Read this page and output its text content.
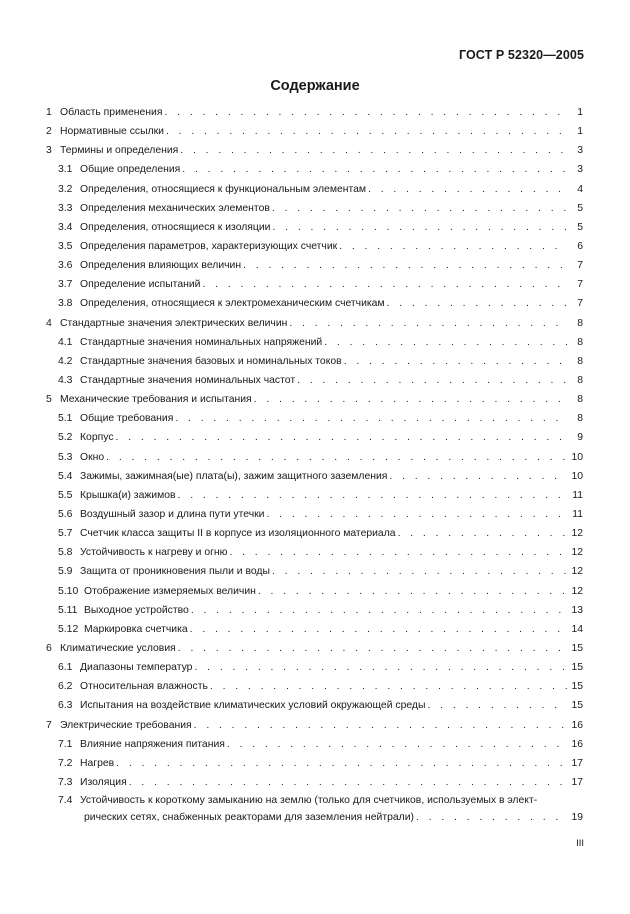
ГОСТ Р 52320—2005
Содержание
1 Область применения . . .	1
2 Нормативные ссылки . . .	1
3 Термины и определения . . .	3
3.1 Общие определения . . .	3
3.2 Определения, относящиеся к функциональным элементам . . .	4
3.3 Определения механических элементов . . .	5
3.4 Определения, относящиеся к изоляции . . .	5
3.5 Определения параметров, характеризующих счетчик . . .	6
3.6 Определения влияющих величин . . .	7
3.7 Определение испытаний . . .	7
3.8 Определения, относящиеся к электромеханическим счетчикам . . .	7
4 Стандартные значения электрических величин . . .	8
4.1 Стандартные значения номинальных напряжений . . .	8
4.2 Стандартные значения базовых и номинальных токов . . .	8
4.3 Стандартные значения номинальных частот . . .	8
5 Механические требования и испытания . . .	8
5.1 Общие требования . . .	8
5.2 Корпус . . .	9
5.3 Окно . . .	10
5.4 Зажимы, зажимная(ые) плата(ы), зажим защитного заземления . . .	10
5.5 Крышка(и) зажимов . . .	11
5.6 Воздушный зазор и длина пути утечки . . .	11
5.7 Счетчик класса защиты II в корпусе из изоляционного материала . . .	12
5.8 Устойчивость к нагреву и огню . . .	12
5.9 Защита от проникновения пыли и воды . . .	12
5.10 Отображение измеряемых величин . . .	12
5.11 Выходное устройство . . .	13
5.12 Маркировка счетчика . . .	14
6 Климатические условия . . .	15
6.1 Диапазоны температур . . .	15
6.2 Относительная влажность . . .	15
6.3 Испытания на воздействие климатических условий окружающей среды . . .	15
7 Электрические требования . . .	16
7.1 Влияние напряжения питания . . .	16
7.2 Нагрев . . .	17
7.3 Изоляция . . .	17
7.4 Устойчивость к короткому замыканию на землю (только для счетчиков, используемых в элект-
рических сетях, снабженных реакторами для заземления нейтрали) . . .	19
III
